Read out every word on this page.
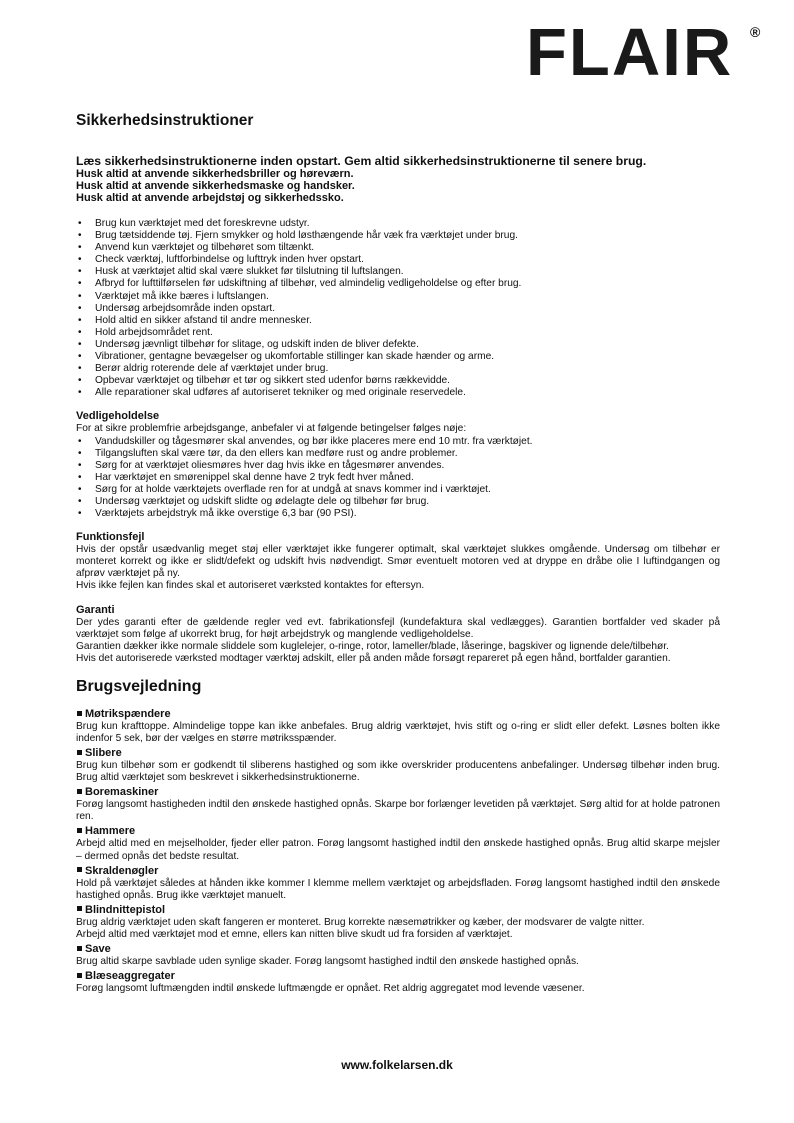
FLAIR ®
Sikkerhedsinstruktioner
Læs sikkerhedsinstruktionerne inden opstart. Gem altid sikkerhedsinstruktionerne til senere brug.
Husk altid at anvende sikkerhedsbriller og høreværn.
Husk altid at anvende sikkerhedsmaske og handsker.
Husk altid at anvende arbejdstøj og sikkerhedssko.
• Brug kun værktøjet med det foreskrevne udstyr.
• Brug tætsiddende tøj. Fjern smykker og hold løsthængende hår væk fra værktøjet under brug.
• Anvend kun værktøjet og tilbehøret som tiltænkt.
• Check værktøj, luftforbindelse og lufttryk inden hver opstart.
• Husk at værktøjet altid skal være slukket før tilslutning til luftslangen.
• Afbryd for lufttilførselen før udskiftning af tilbehør, ved almindelig vedligeholdelse og efter brug.
• Værktøjet må ikke bæres i luftslangen.
• Undersøg arbejdsområde inden opstart.
• Hold altid en sikker afstand til andre mennesker.
• Hold arbejdsområdet rent.
• Undersøg jævnligt tilbehør for slitage, og udskift inden de bliver defekte.
• Vibrationer, gentagne bevægelser og ukomfortable stillinger kan skade hænder og arme.
• Berør aldrig roterende dele af værktøjet under brug.
• Opbevar værktøjet og tilbehør et tør og sikkert sted udenfor børns rækkevidde.
• Alle reparationer skal udføres af autoriseret tekniker og med originale reservedele.
Vedligeholdelse
For at sikre problemfrie arbejdsgange, anbefaler vi at følgende betingelser følges nøje:
• Vandudskiller og tågesmører skal anvendes, og bør ikke placeres mere end 10 mtr. fra værktøjet.
• Tilgangsluften skal være tør, da den ellers kan medføre rust og andre problemer.
• Sørg for at værktøjet oliesmøres hver dag hvis ikke en tågesmører anvendes.
• Har værktøjet en smørenippel skal denne have 2 tryk fedt hver måned.
• Sørg for at holde værktøjets overflade ren for at undgå at snavs kommer ind i værktøjet.
• Undersøg værktøjet og udskift slidte og ødelagte dele og tilbehør før brug.
• Værktøjets arbejdstryk må ikke overstige 6,3 bar (90 PSI).
Funktionsfejl
Hvis der opstår usædvanlig meget støj eller værktøjet ikke fungerer optimalt, skal værktøjet slukkes omgående. Undersøg om tilbehør er monteret korrekt og ikke er slidt/defekt og udskift hvis nødvendigt. Smør eventuelt motoren ved at dryppe en dråbe olie I luftindgangen og afprøv værktøjet på ny.
Hvis ikke fejlen kan findes skal et autoriseret værksted kontaktes for eftersyn.
Garanti
Der ydes garanti efter de gældende regler ved evt. fabrikationsfejl (kundefaktura skal vedlægges). Garantien bortfalder ved skader på værktøjet som følge af ukorrekt brug, for højt arbejdstryk og manglende vedligeholdelse.
Garantien dækker ikke normale sliddele som kuglelejer, o-ringe, rotor, lameller/blade, låseringe, bagskiver og lignende dele/tilbehør.
Hvis det autoriserede værksted modtager værktøj adskilt, eller på anden måde forsøgt repareret på egen hånd, bortfalder garantien.
Brugsvejledning
Møtrikspændere
Brug kun krafttoppe. Almindelige toppe kan ikke anbefales. Brug aldrig værktøjet, hvis stift og o-ring er slidt eller defekt. Løsnes bolten ikke indenfor 5 sek, bør der vælges en større møtriksspænder.
Slibere
Brug kun tilbehør som er godkendt til sliberens hastighed og som ikke overskrider producentens anbefalinger. Undersøg tilbehør inden brug. Brug altid værktøjet som beskrevet i sikkerhedsinstruktionerne.
Boremaskiner
Forøg langsomt hastigheden indtil den ønskede hastighed opnås. Skarpe bor forlænger levetiden på værktøjet. Sørg altid for at holde patronen ren.
Hammere
Arbejd altid med en mejselholder, fjeder eller patron. Forøg langsomt hastighed indtil den ønskede hastighed opnås. Brug altid skarpe mejsler – dermed opnås det bedste resultat.
Skraldenøgler
Hold på værktøjet således at hånden ikke kommer I klemme mellem værktøjet og arbejdsfladen. Forøg langsomt hastighed indtil den ønskede hastighed opnås. Brug ikke værktøjet manuelt.
Blindnittepistol
Brug aldrig værktøjet uden skaft fangeren er monteret. Brug korrekte næsemøtrikker og kæber, der modsvarer de valgte nitter.
Arbejd altid med værktøjet mod et emne, ellers kan nitten blive skudt ud fra forsiden af værktøjet.
Save
Brug altid skarpe savblade uden synlige skader. Forøg langsomt hastighed indtil den ønskede hastighed opnås.
Blæseaggregater
Forøg langsomt luftmængden indtil ønskede luftmængde er opnået. Ret aldrig aggregatet mod levende væsener.
www.folkelarsen.dk
